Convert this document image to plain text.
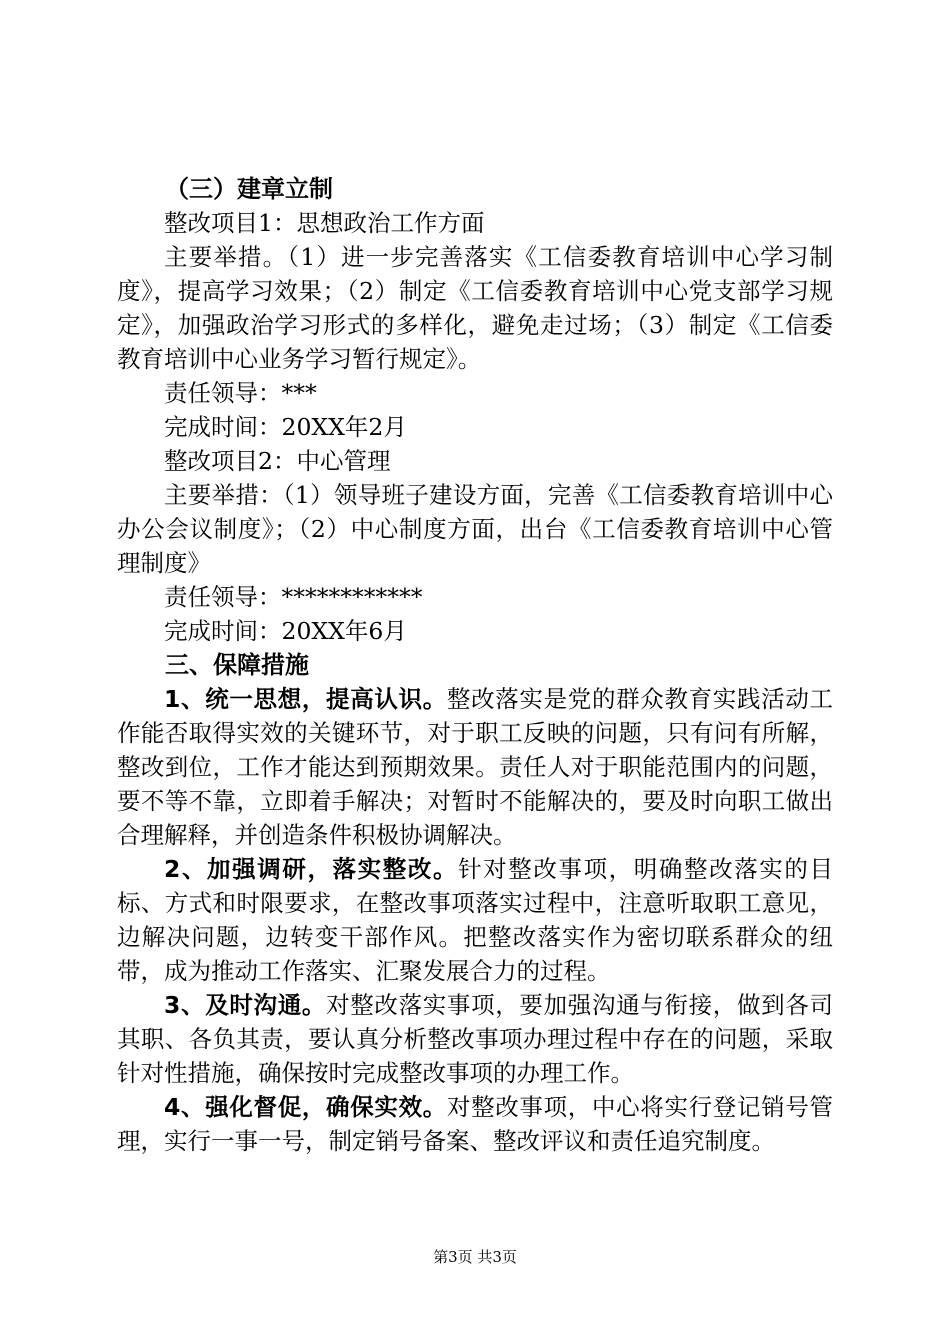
（三）建章立制

整改项目1：思想政治工作方面

主要举措。（1）进一步完善落实《工信委教育培训中心学习制度》，提高学习效果；（2）制定《工信委教育培训中心党支部学习规定》，加强政治学习形式的多样化，避免走过场；（3）制定《工信委教育培训中心业务学习暂行规定》。

责任领导：***

完成时间：20XX年2月

整改项目2：中心管理

主要举措：（1）领导班子建设方面，完善《工信委教育培训中心办公会议制度》；（2）中心制度方面，出台《工信委教育培训中心管理制度》

责任领导：************

完成时间：20XX年6月

三、保障措施

1、统一思想，提高认识。整改落实是党的群众教育实践活动工作能否取得实效的关键环节，对于职工反映的问题，只有问有所解，整改到位，工作才能达到预期效果。责任人对于职能范围内的问题，要不等不靠，立即着手解决；对暂时不能解决的，要及时向职工做出合理解释，并创造条件积极协调解决。

2、加强调研，落实整改。针对整改事项，明确整改落实的目标、方式和时限要求，在整改事项落实过程中，注意听取职工意见，边解决问题，边转变干部作风。把整改落实作为密切联系群众的纽带，成为推动工作落实、汇聚发展合力的过程。

3、及时沟通。对整改落实事项，要加强沟通与衔接，做到各司其职、各负其责，要认真分析整改事项办理过程中存在的问题，采取针对性措施，确保按时完成整改事项的办理工作。

4、强化督促，确保实效。对整改事项，中心将实行登记销号管理，实行一事一号，制定销号备案、整改评议和责任追究制度。

第3页 共3页
